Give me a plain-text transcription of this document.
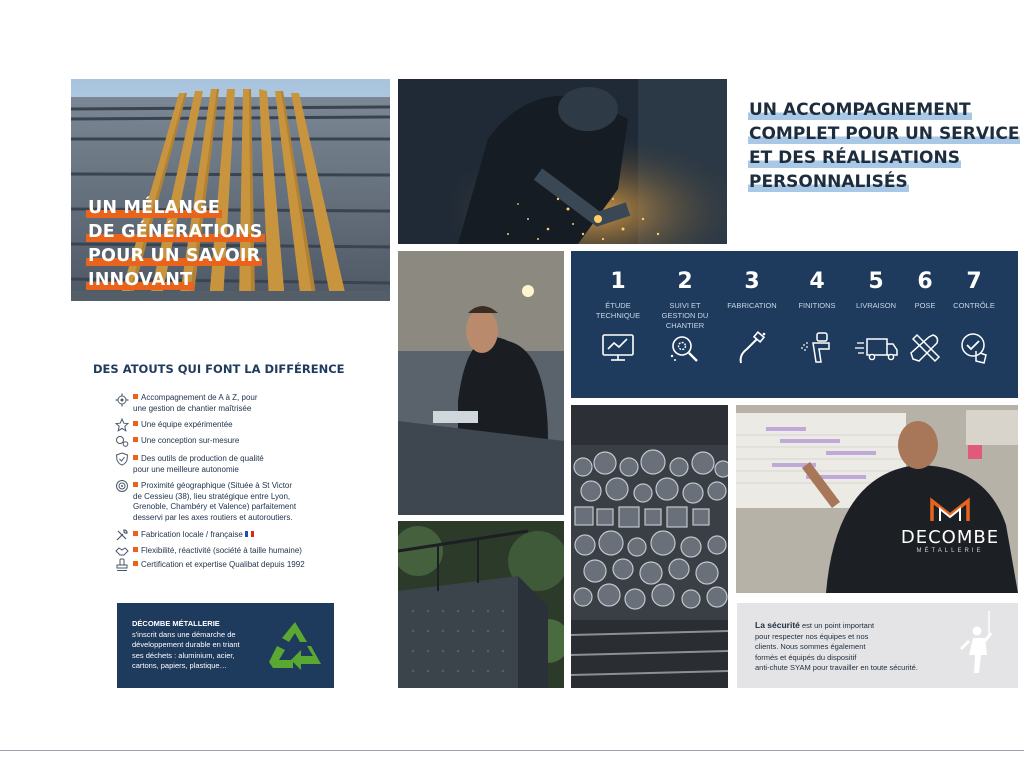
UN MÉLANGE
DE GÉNÉRATIONS
POUR UN SAVOIR
INNOVANT
UN ACCOMPAGNEMENT
COMPLET POUR UN SERVICE
ET DES RÉALISATIONS
PERSONNALISÉS
1
ÉTUDE
TECHNIQUE
2
SUIVI ET
GESTION DU
CHANTIER
3
FABRICATION
4
FINITIONS
5
LIVRAISON
6
POSE
7
CONTRÔLE
DECOMBE
MÉTALLERIE
DES ATOUTS QUI FONT LA DIFFÉRENCE
Accompagnement de A à Z, pour
une gestion de chantier maîtrisée
Une équipe expérimentée
Une conception sur-mesure
Des outils de production de qualité
pour une meilleure autonomie
Proximité géographique (Située à St Victor
de Cessieu (38), lieu stratégique entre Lyon,
Grenoble, Chambéry et Valence) parfaitement
desservi par les axes routiers et autoroutiers.
Fabrication locale / française
Flexibilité, réactivité (société à taille humaine)
Certification et expertise Qualibat depuis 1992
DÉCOMBE MÉTALLERIE
s'inscrit dans une démarche de
développement durable en triant
ses déchets : aluminium, acier,
cartons, papiers, plastique…
La sécurité est un point important
pour respecter nos équipes et nos
clients. Nous sommes également
formés et équipés du dispositif
anti-chute SYAM pour travailler en toute sécurité.
